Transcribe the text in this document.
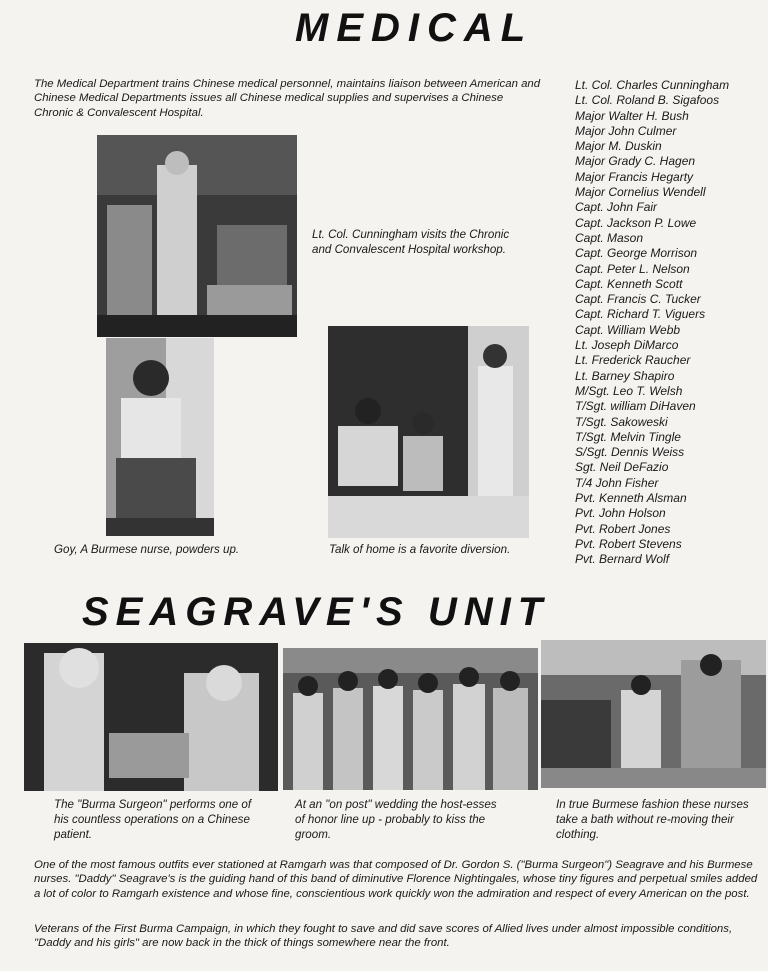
MEDICAL
The Medical Department trains Chinese medical personnel, maintains liaison between American and Chinese Medical Departments issues all Chinese medical supplies and supervises a Chinese Chronic & Convalescent Hospital.
Lt. Col. Charles Cunningham
Lt. Col. Roland B. Sigafoos
Major Walter H. Bush
Major John Culmer
Major M. Duskin
Major Grady C. Hagen
Major Francis Hegarty
Major Cornelius Wendell
Capt. John Fair
Capt. Jackson P. Lowe
Capt. Mason
Capt. George Morrison
Capt. Peter L. Nelson
Capt. Kenneth Scott
Capt. Francis C. Tucker
Capt. Richard T. Viguers
Capt. William Webb
Lt. Joseph DiMarco
Lt. Frederick Raucher
Lt. Barney Shapiro
M/Sgt. Leo T. Welsh
T/Sgt. william DiHaven
T/Sgt. Sakoweski
T/Sgt. Melvin Tingle
S/Sgt. Dennis Weiss
Sgt. Neil DeFazio
T/4 John Fisher
Pvt. Kenneth Alsman
Pvt. John Holson
Pvt. Robert Jones
Pvt. Robert Stevens
Pvt. Bernard Wolf
Lt. Col. Cunningham visits the Chronic and Convalescent Hospital workshop.
Goy, A Burmese nurse, powders up.	Talk of home is a favorite diversion.
SEAGRAVE'S UNIT
The "Burma Surgeon" performs one of his countless operations on a Chinese patient.
At an "on post" wedding the host-esses of honor line up - probably to kiss the groom.
In true Burmese fashion these nurses take a bath without re-moving their clothing.
One of the most famous outfits ever stationed at Ramgarh was that composed of Dr. Gordon S. ("Burma Surgeon") Seagrave and his Burmese nurses. "Daddy" Seagrave's is the guiding hand of this band of diminutive Florence Nightingales, whose tiny figures and perpetual smiles added a lot of color to Ramgarh existence and whose fine, conscientious work quickly won the admiration and respect of every American on the post.
Veterans of the First Burma Campaign, in which they fought to save and did save scores of Allied lives under almost impossible conditions, "Daddy and his girls" are now back in the thick of things somewhere near the front.
